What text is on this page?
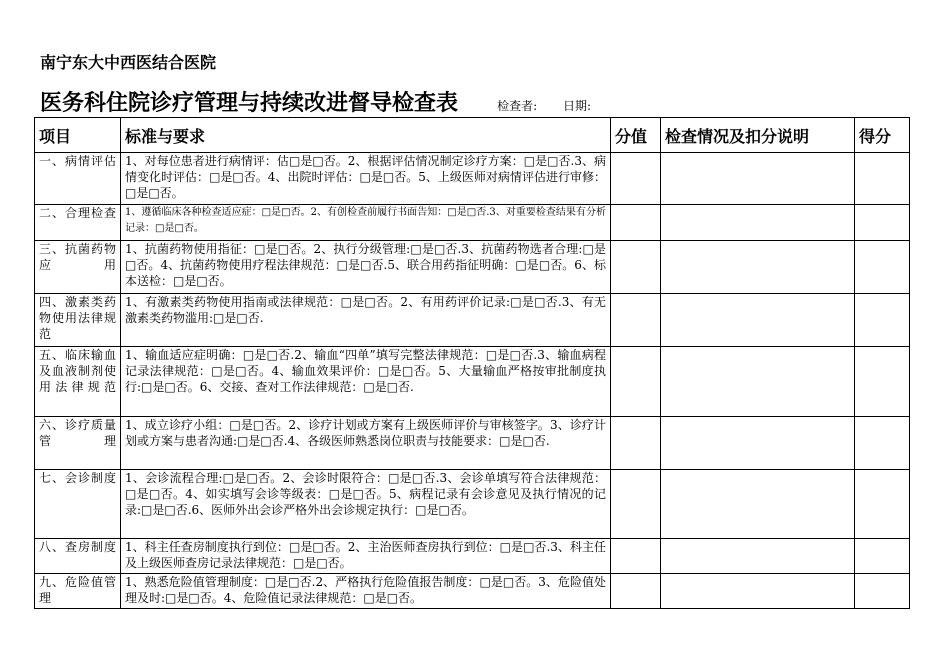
南宁东大中西医结合医院
医务科住院诊疗管理与持续改进督导检查表	检查者: 日期:
项目	标准与要求	分值	检查情况及扣分说明	得分
一、病情评估	1、对每位患者进行病情评：估□是□否。2、根据评估情况制定诊疗方案：□是□否.3、病情变化时评估：□是□否。4、出院时评估：□是□否。5、上级医师对病情评估进行审修：□是□否。			
二、合理检查	1、遵循临床各种检查适应症：□是□否。2、有创检查前履行书面告知：□是□否.3、对重要检查结果有分析记录：□是□否。			
三、抗菌药物应用	1、抗菌药物使用指征：□是□否。2、执行分级管理:□是□否.3、抗菌药物选者合理:□是□否。4、抗菌药物使用疗程法律规范：□是□否.5、联合用药指征明确：□是□否。6、标本送检：□是□否。			
四、激素类药物使用法律规范	1、有激素类药物使用指南或法律规范：□是□否。2、有用药评价记录:□是□否.3、有无激素类药物滥用:□是□否.			
五、临床输血及血液制剂使用法律规范	1、输血适应症明确：□是□否.2、输血“四单”填写完整法律规范：□是□否.3、输血病程记录法律规范：□是□否。4、输血效果评价：□是□否。5、大量输血严格按审批制度执行:□是□否。6、交接、查对工作法律规范：□是□否.			
六、诊疗质量管理	1、成立诊疗小组：□是□否。2、诊疗计划或方案有上级医师评价与审核签字。3、诊疗计划或方案与患者沟通:□是□否.4、各级医师熟悉岗位职责与技能要求：□是□否.			
七、会诊制度	1、会诊流程合理:□是□否。2、会诊时限符合：□是□否.3、会诊单填写符合法律规范：□是□否。4、如实填写会诊等级表：□是□否。5、病程记录有会诊意见及执行情况的记录:□是□否.6、医师外出会诊严格外出会诊规定执行：□是□否。			
八、查房制度	1、科主任查房制度执行到位：□是□否。2、主治医师查房执行到位：□是□否.3、科主任及上级医师查房记录法律规范：□是□否。			
九、危险值管理	1、熟悉危险值管理制度：□是□否.2、严格执行危险值报告制度：□是□否。3、危险值处理及时:□是□否。4、危险值记录法律规范：□是□否。			
